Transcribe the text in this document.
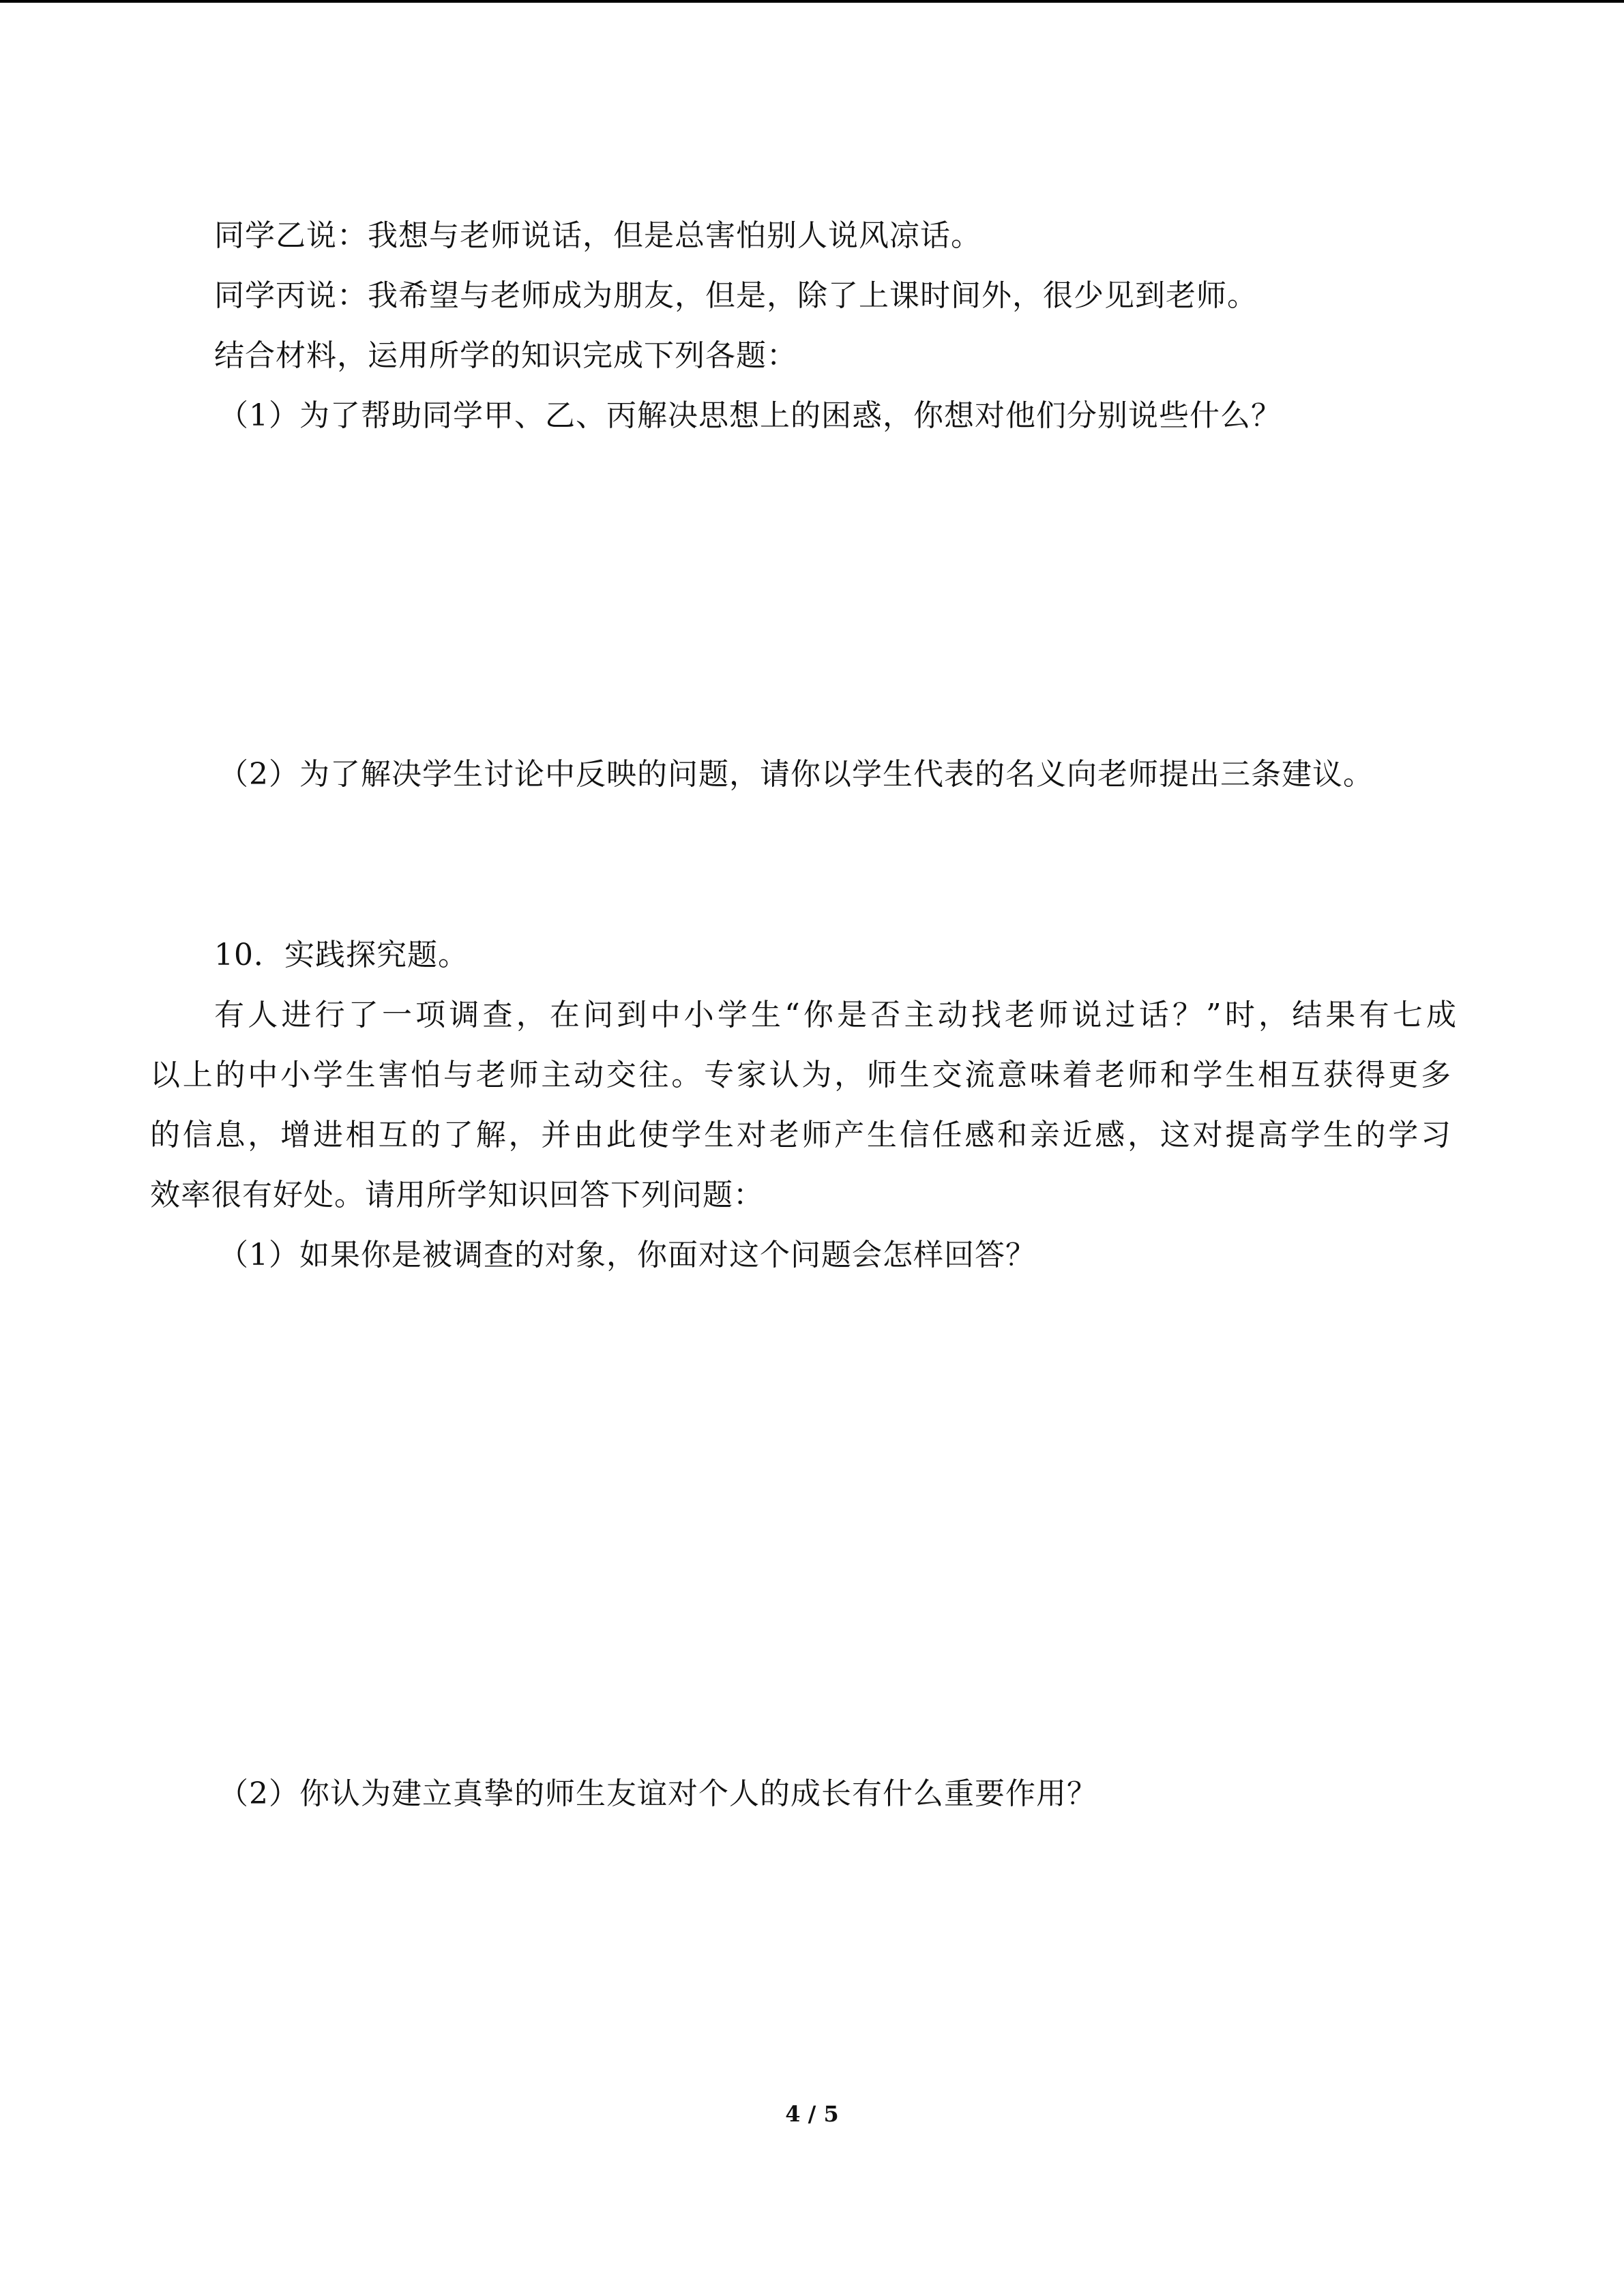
同学乙说：我想与老师说话，但是总害怕别人说风凉话。
同学丙说：我希望与老师成为朋友，但是，除了上课时间外，很少见到老师。
结合材料，运用所学的知识完成下列各题：
（1）为了帮助同学甲、乙、丙解决思想上的困惑，你想对他们分别说些什么？
（2）为了解决学生讨论中反映的问题，请你以学生代表的名义向老师提出三条建议。
10．实践探究题。
有人进行了一项调查，在问到中小学生“你是否主动找老师说过话？”时，结果有七成
以上的中小学生害怕与老师主动交往。专家认为，师生交流意味着老师和学生相互获得更多
的信息，增进相互的了解，并由此使学生对老师产生信任感和亲近感，这对提高学生的学习
效率很有好处。请用所学知识回答下列问题：
（1）如果你是被调查的对象，你面对这个问题会怎样回答？
（2）你认为建立真挚的师生友谊对个人的成长有什么重要作用？
4 / 5
